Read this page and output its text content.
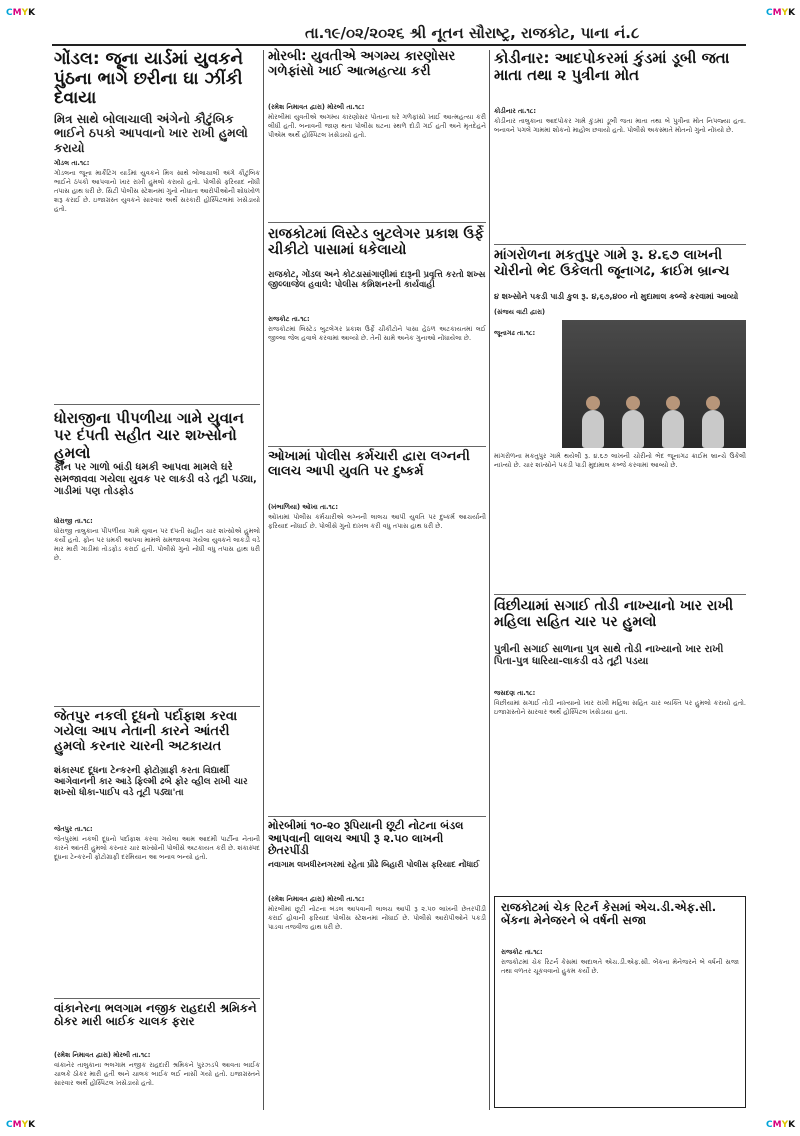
CMYK	CMYK
CMYK	CMYK
તા.૧૯/૦૨/૨૦૨૬ શ્રી નૂતન સૌરાષ્ટ્ર, રાજકોટ, પાના નં.૮
ગોંડલ: જૂના યાર્ડમાં યુવકને પુંઠના ભાગે છરીના ઘા ઝીંકી દેવાયા
મિત્ર સાથે બોલાચાલી અંગેનો કૌટુંબિક ભાઈને ઠપકો આપવાનો ખાર રાખી હુમલો કરાયો
ગોંડલ તા.૧૮:
ગોંડલના જૂના માર્કેટિંગ યાર્ડમાં યુવકને મિત્ર સાથે બોલાચાલી અંગે કૌટુંબિક ભાઈને ઠપકો આપવાનો ખાર રાખી હુમલો કરાયો હતો. પોલીસે ફરિયાદ નોંધી તપાસ હાથ ધરી છે. સિટી પોલીસ સ્ટેશનમાં ગુનો નોંધાતા આરોપીઓની શોધખોળ શરૂ કરાઈ છે. ઇજાગ્રસ્ત યુવકને સારવાર અર્થે સરકારી હોસ્પિટલમાં ખસેડાયો હતો.
ધોરાજીના પીપળીયા ગામે યુવાન પર દંપતી સહીત ચાર શખ્સોનો હુમલો
ફોન પર ગાળો બાંડી ધમકી આપવા મામલે ઘરે સમજાવવા ગયેલા યુવક પર લાકડી વડે તૂટી પડ્યા, ગાડીમાં પણ તોડફોડ
ધોરાજી તા.૧૮:
ધોરાજી તાલુકાના પીપળીયા ગામે યુવાન પર દંપતી સહીત ચાર શખ્સોએ હુમલો કર્યો હતો. ફોન પર ધમકી આપવા મામલે સમજાવવા ગયેલા યુવકને લાકડી વડે માર મારી ગાડીમાં તોડફોડ કરાઈ હતી. પોલીસે ગુનો નોંધી વધુ તપાસ હાથ ધરી છે.
જેતપુર નકલી દૂધનો પર્દાફાશ કરવા ગયેલા આપ નેતાની કારને આંતરી હુમલો કરનાર ચારની અટકાયત
શંકાસ્પદ દૂધના ટેન્કરની ફોટોગ્રાફી કરતા વિદ્યાર્થી આગેવાનની કાર આડે ફિલ્મી ઢબે ફોર વ્હીલ રાખી ચાર શખ્સો ધોકા-પાઈપ વડે તૂટી પડ્યા'તા
જેતપુર તા.૧૮:
જેતપુરમાં નકલી દૂધનો પર્દાફાશ કરવા ગયેલા આમ આદમી પાર્ટીના નેતાની કારને આંતરી હુમલો કરનાર ચાર શખ્સોની પોલીસે અટકાયત કરી છે. શંકાસ્પદ દૂધના ટેન્કરની ફોટોગ્રાફી દરમિયાન આ બનાવ બન્યો હતો.
વાંકાનેરના ભલગામ નજીક રાહદારી શ્રમિકને ઠોકર મારી બાઈક ચાલક ફરાર
(રમેશ નિમાવત દ્વારા) મોરબી તા.૧૮:
વાંકાનેર તાલુકાના ભલગામ નજીક રાહદારી શ્રમિકને પુરઝડપે આવતા બાઈક ચાલકે ઠોકર મારી હતી અને ચાલક બાઈક લઈ નાસી ગયો હતો. ઇજાગ્રસ્તને સારવાર અર્થે હોસ્પિટલ ખસેડાયો હતો.
મોરબી: યુવતીએ અગમ્ય કારણોસર ગળેફાંસો ખાઈ આત્મહત્યા કરી
(રમેશ નિમાવત દ્વારા) મોરબી તા.૧૮:
મોરબીમાં યુવતીએ અગમ્ય કારણોસર પોતાના ઘરે ગળેફાંસો ખાઈ આત્મહત્યા કરી લીધી હતી. બનાવની જાણ થતા પોલીસ ઘટના સ્થળે દોડી ગઈ હતી અને મૃતદેહને પીએમ અર્થે હોસ્પિટલ ખસેડાયો હતો.
રાજકોટમાં લિસ્ટેડ બુટલેગર પ્રકાશ ઉર્ફે ચીકીટો પાસામાં ધકેલાયો
રાજકોટ, ગોંડલ અને કોટડાસાંગાણીમાં દારૂની પ્રવૃત્તિ કરતો શખ્સ જીલ્લાજેલ હવાલે: પોલીસ કમિશનરની કાર્યવાહી
રાજકોટ તા.૧૮:
રાજકોટમાં લિસ્ટેડ બુટલેગર પ્રકાશ ઉર્ફે ચીકીટોને પાસા હેઠળ અટકાયતમાં લઈ જીલ્લા જેલ હવાલે કરવામાં આવ્યો છે. તેની સામે અનેક ગુનાઓ નોંધાયેલા છે.
ઓખામાં પોલીસ કર્મચારી દ્વારા લગ્નની લાલચ આપી યુવતિ પર દુષ્કર્મ
(ખંભાળિયા) ઓખા તા.૧૮:
ઓખામાં પોલીસ કર્મચારીએ લગ્નની લાલચ આપી યુવતિ પર દુષ્કર્મ આચર્યાની ફરિયાદ નોંધાઈ છે. પોલીસે ગુનો દાખલ કરી વધુ તપાસ હાથ ધરી છે.
મોરબીમાં ૧૦-૨૦ રૂપિયાની છૂટી નોટના બંડલ આપવાની લાલચ આપી રૂ ૨.૫૦ લાખની છેતરપીંડી
નવાગામ લખધીરનગરમાં રહેતા પ્રૌઢે બિહારી પોલીસ ફરિયાદ નોંધાઈ
(રમેશ નિમાવત દ્વારા) મોરબી તા.૧૮:
મોરબીમાં છૂટી નોટના બંડલ આપવાની લાલચ આપી રૂ ૨.૫૦ લાખની છેતરપીંડી કરાઈ હોવાની ફરિયાદ પોલીસ સ્ટેશનમાં નોંધાઈ છે. પોલીસે આરોપીઓને પકડી પાડવા તજવીજ હાથ ધરી છે.
કોડીનાર: આદપોકરમાં કુંડમાં ડૂબી જતા માતા તથા ૨ પુત્રીના મોત
કોડીનાર તા.૧૮:
કોડીનાર તાલુકાના આદપોકર ગામે કુંડમાં ડૂબી જતા માતા તથા બે પુત્રીના મોત નિપજ્યા હતા. બનાવને પગલે ગામમાં શોકનો માહોલ છવાયો હતો. પોલીસે અકસ્માતે મોતનો ગુનો નોંધ્યો છે.
માંગરોળના મકતુપુર ગામે રૂ. ૪.૬૭ લાખની ચોરીનો ભેદ ઉકેલતી જૂનાગઢ, ક્રાઈમ બ્રાન્ચ
૪ શખ્સોને પકડી પાડી કુલ રૂ. ૪,૬૭,૪૦૦ નો મુદામાલ કબ્જે કરવામાં આવ્યો
(સંજય વાટી દ્વારા)
જૂનાગઢ તા.૧૮:
માંગરોળના મકતુપુર ગામે થયેલી રૂ. ૪.૬૭ લાખની ચોરીનો ભેદ જૂનાગઢ ક્રાઈમ બ્રાન્ચે ઉકેલી નાખ્યો છે. ચાર શખ્સોને પકડી પાડી મુદામાલ કબ્જે કરવામાં આવ્યો છે.
વિંછીયામાં સગાઈ તોડી નાખ્યાનો ખાર રાખી મહિલા સહિત ચાર પર હુમલો
પુત્રીની સગાઈ સાળાના પુત્ર સાથે તોડી નાખ્યાનો ખાર રાખી પિતા-પુત્ર ધારિયા-લાકડી વડે તૂટી પડયા
જસદણ તા.૧૮:
વિંછીયામાં સગાઈ તોડી નાખ્યાનો ખાર રાખી મહિલા સહિત ચાર વ્યક્તિ પર હુમલો કરાયો હતો. ઇજાગ્રસ્તોને સારવાર અર્થે હોસ્પિટલ ખસેડાયા હતા.
રાજકોટમાં ચેક રિટર્ન કેસમાં એચ.ડી.એફ.સી. બેંકના મેનેજરને બે વર્ષની સજા
રાજકોટ તા.૧૮:
રાજકોટમાં ચેક રિટર્ન કેસમાં અદાલતે એચ.ડી.એફ.સી. બેંકના મેનેજરને બે વર્ષની સજા તથા વળતર ચૂકવવાનો હુકમ કર્યો છે.
